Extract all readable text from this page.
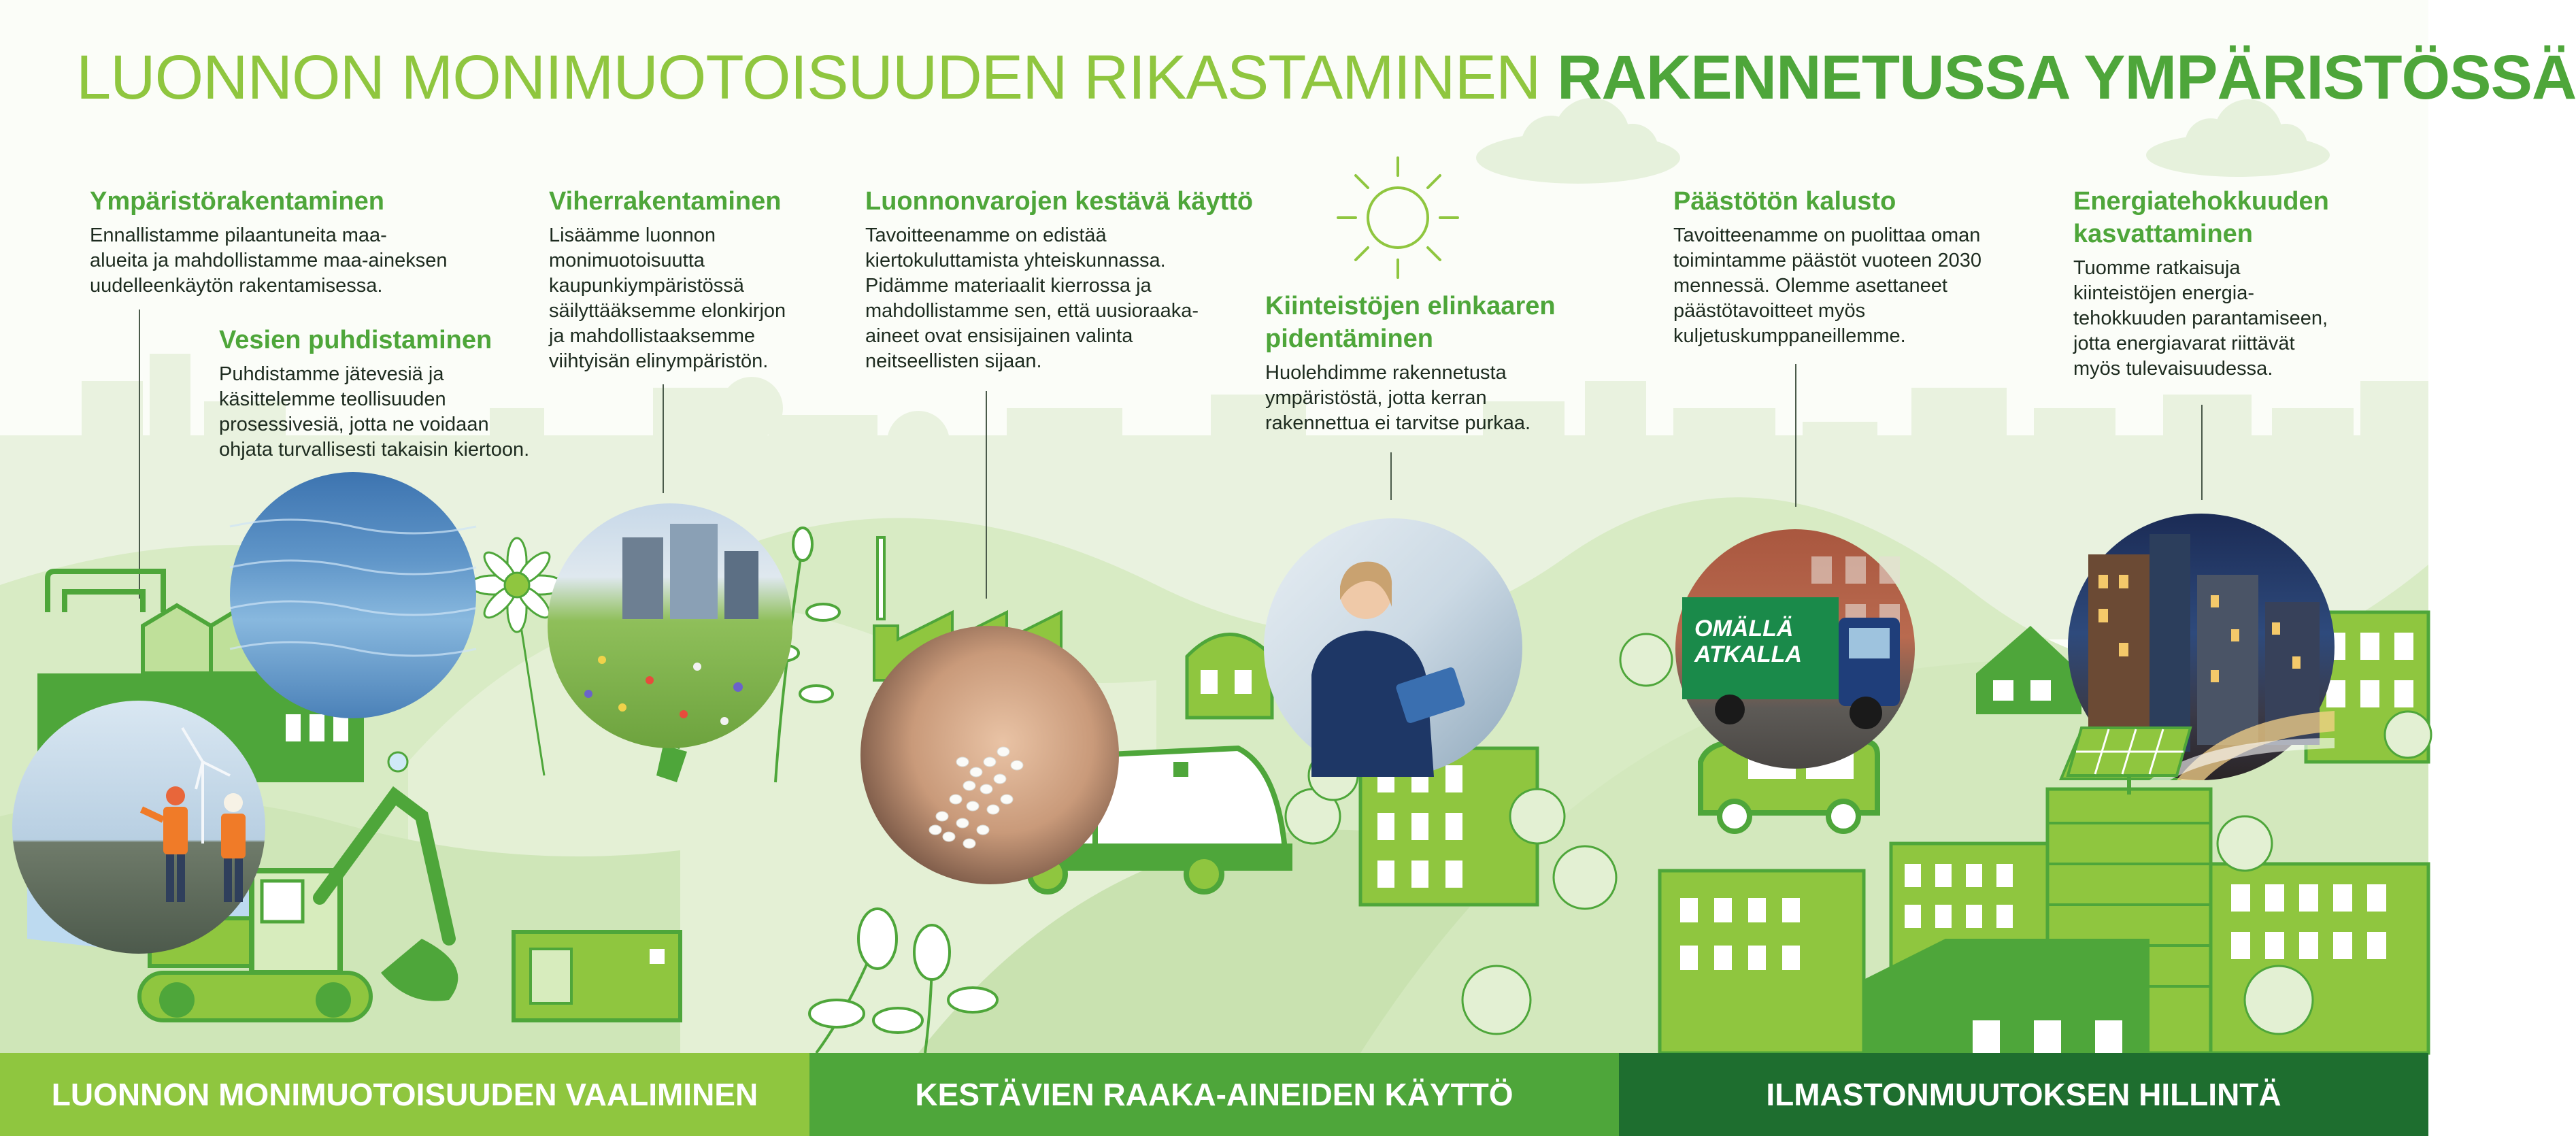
OMÄLLÄ
ATKALLA
LUONNON MONIMUOTOISUUDEN RIKASTAMINEN RAKENNETUSSA YMPÄRISTÖSSÄ
Ympäristörakentaminen

Ennallistamme pilaantuneita maa-

alueita ja mahdollistamme maa-aineksen

uudelleenkäytön rakentamisessa.

Vesien puhdistaminen

Puhdistamme jätevesiä ja

käsittelemme teollisuuden

prosessivesiä, jotta ne voidaan

ohjata turvallisesti takaisin kiertoon.

Viherrakentaminen

Lisäämme luonnon

monimuotoisuutta

kaupunkiympäristössä

säilyttääksemme elonkirjon

ja mahdollistaaksemme

viihtyisän elinympäristön.

Luonnonvarojen kestävä käyttö

Tavoitteenamme on edistää

kiertokuluttamista yhteiskunnassa.

Pidämme materiaalit kierrossa ja

mahdollistamme sen, että uusioraaka-

aineet ovat ensisijainen valinta

neitseellisten sijaan.

Kiinteistöjen elinkaaren
pidentäminen

Huolehdimme rakennetusta

ympäristöstä, jotta kerran

rakennettua ei tarvitse purkaa.

Päästötön kalusto

Tavoitteenamme on puolittaa oman

toimintamme päästöt vuoteen 2030

mennessä. Olemme asettaneet

päästötavoitteet myös

kuljetuskumppaneillemme.

Energiatehokkuuden
kasvattaminen

Tuomme ratkaisuja

kiinteistöjen energia-

tehokkuuden parantamiseen,

jotta energiavarat riittävät

myös tulevaisuudessa.

LUONNON MONIMUOTOISUUDEN VAALIMINEN	KESTÄVIEN RAAKA-AINEIDEN KÄYTTÖ	ILMASTONMUUTOKSEN HILLINTÄ
